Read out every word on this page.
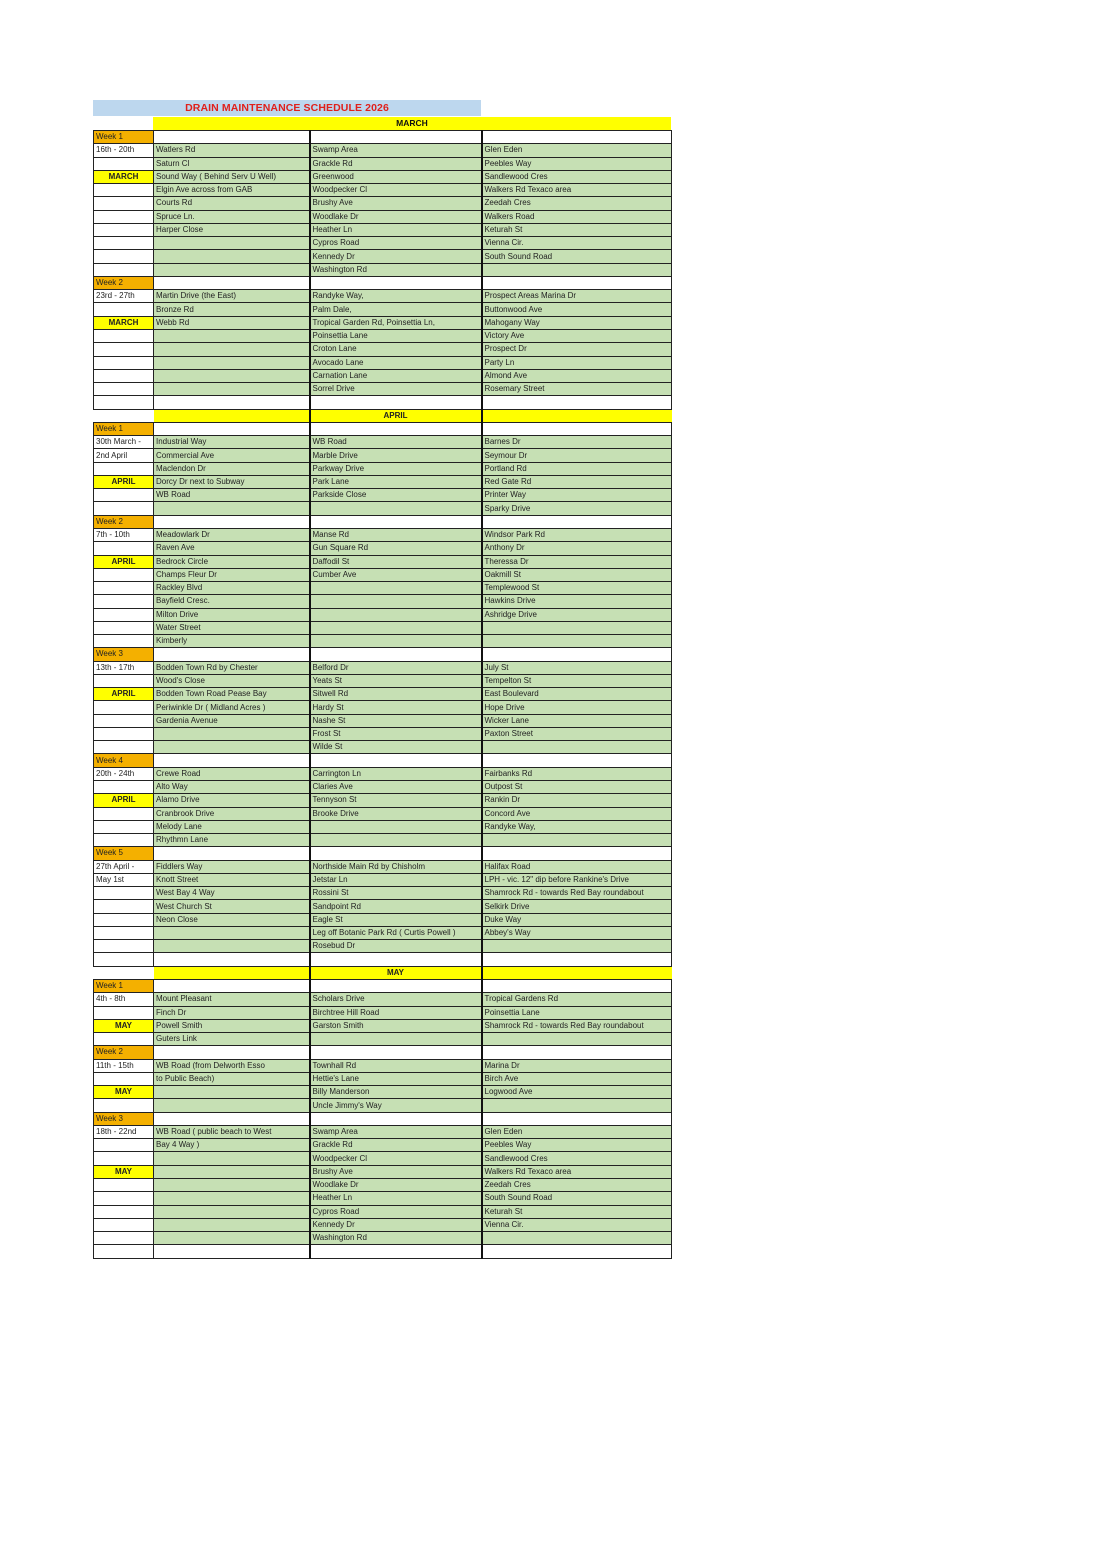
DRAIN MAINTENANCE SCHEDULE 2026
MARCH
Week 1			
16th - 20th	Watlers Rd	Swamp Area	Glen Eden
	Saturn Cl	Grackle Rd	Peebles Way
MARCH	Sound Way ( Behind Serv U Well)	Greenwood	Sandlewood Cres
	Elgin Ave across from GAB	Woodpecker Cl	Walkers Rd Texaco area
	Courts Rd	Brushy Ave	Zeedah Cres
	Spruce Ln.	Woodlake Dr	Walkers Road
	Harper Close	Heather Ln	Keturah St
		Cypros Road	Vienna Cir.
		Kennedy Dr	South Sound Road
		Washington Rd	
Week 2			
23rd - 27th	Martin Drive (the East)	Randyke Way,	Prospect Areas Marina Dr
	Bronze Rd	Palm Dale,	Buttonwood Ave
MARCH	Webb Rd	Tropical Garden Rd, Poinsettia Ln,	Mahogany Way
		Poinsettia Lane	Victory Ave
		Croton Lane	Prospect Dr
		Avocado Lane	Party Ln
		Carnation Lane	Almond Ave
		Sorrel Drive	Rosemary Street

		APRIL	
Week 1			
30th March -	Industrial Way	WB Road	Barnes Dr
2nd April	Commercial Ave	Marble Drive	Seymour Dr
	Maclendon Dr	Parkway Drive	Portland Rd
APRIL	Dorcy Dr next to Subway	Park Lane	Red Gate Rd
	WB Road	Parkside Close	Printer Way
			Sparky Drive
Week 2			
7th - 10th	Meadowlark Dr	Manse Rd	Windsor Park Rd
	Raven Ave	Gun Square Rd	Anthony Dr
APRIL	Bedrock Circle	Daffodil St	Theressa Dr
	Champs Fleur Dr	Cumber Ave	Oakmill St
	Rackley Blvd		Templewood St
	Bayfield Cresc.		Hawkins Drive
	Milton Drive		Ashridge Drive
	Water Street		
	Kimberly		
Week 3			
13th - 17th	Bodden Town Rd by Chester	Belford Dr	July St
	Wood's Close	Yeats St	Tempelton St
APRIL	Bodden Town Road Pease Bay	Sitwell Rd	East Boulevard
	Periwinkle Dr ( Midland Acres )	Hardy St	Hope Drive
	Gardenia Avenue	Nashe St	Wicker Lane
		Frost St	Paxton Street
		Wilde St	
Week 4			
20th - 24th	Crewe Road	Carrington Ln	Fairbanks Rd
	Alto Way	Claries Ave	Outpost St
APRIL	Alamo Drive	Tennyson St	Rankin Dr
	Cranbrook Drive	Brooke Drive	Concord Ave
	Melody Lane		Randyke Way,
	Rhythmn Lane		
Week 5			
27th April -	Fiddlers Way	Northside Main Rd by Chisholm	Halifax Road
May 1st	Knott Street	Jetstar Ln	LPH - vic. 12" dip before Rankine's Drive
	West Bay 4 Way	Rossini St	Shamrock Rd - towards Red Bay roundabout
	West Church St	Sandpoint Rd	Selkirk Drive
	Neon Close	Eagle St	Duke Way
		Leg off Botanic Park Rd ( Curtis Powell )	Abbey's Way
		Rosebud Dr	

		MAY	
Week 1			
4th - 8th	Mount Pleasant	Scholars Drive	Tropical Gardens Rd
	Finch Dr	Birchtree Hill Road	Poinsettia Lane
MAY	Powell Smith	Garston Smith	Shamrock Rd - towards Red Bay roundabout
	Guters Link		
Week 2			
11th - 15th	WB Road (from Delworth Esso	Townhall Rd	Marina Dr
	to Public Beach)	Hettie's Lane	Birch Ave
MAY		Billy Manderson	Logwood Ave
		Uncle Jimmy's Way	
Week 3			
18th - 22nd	WB Road ( public beach to West	Swamp Area	Glen Eden
	Bay 4 Way )	Grackle Rd	Peebles Way
		Woodpecker Cl	Sandlewood Cres
MAY		Brushy Ave	Walkers Rd Texaco area
		Woodlake Dr	Zeedah Cres
		Heather Ln	South Sound Road
		Cypros Road	Keturah St
		Kennedy Dr	Vienna Cir.
		Washington Rd	
